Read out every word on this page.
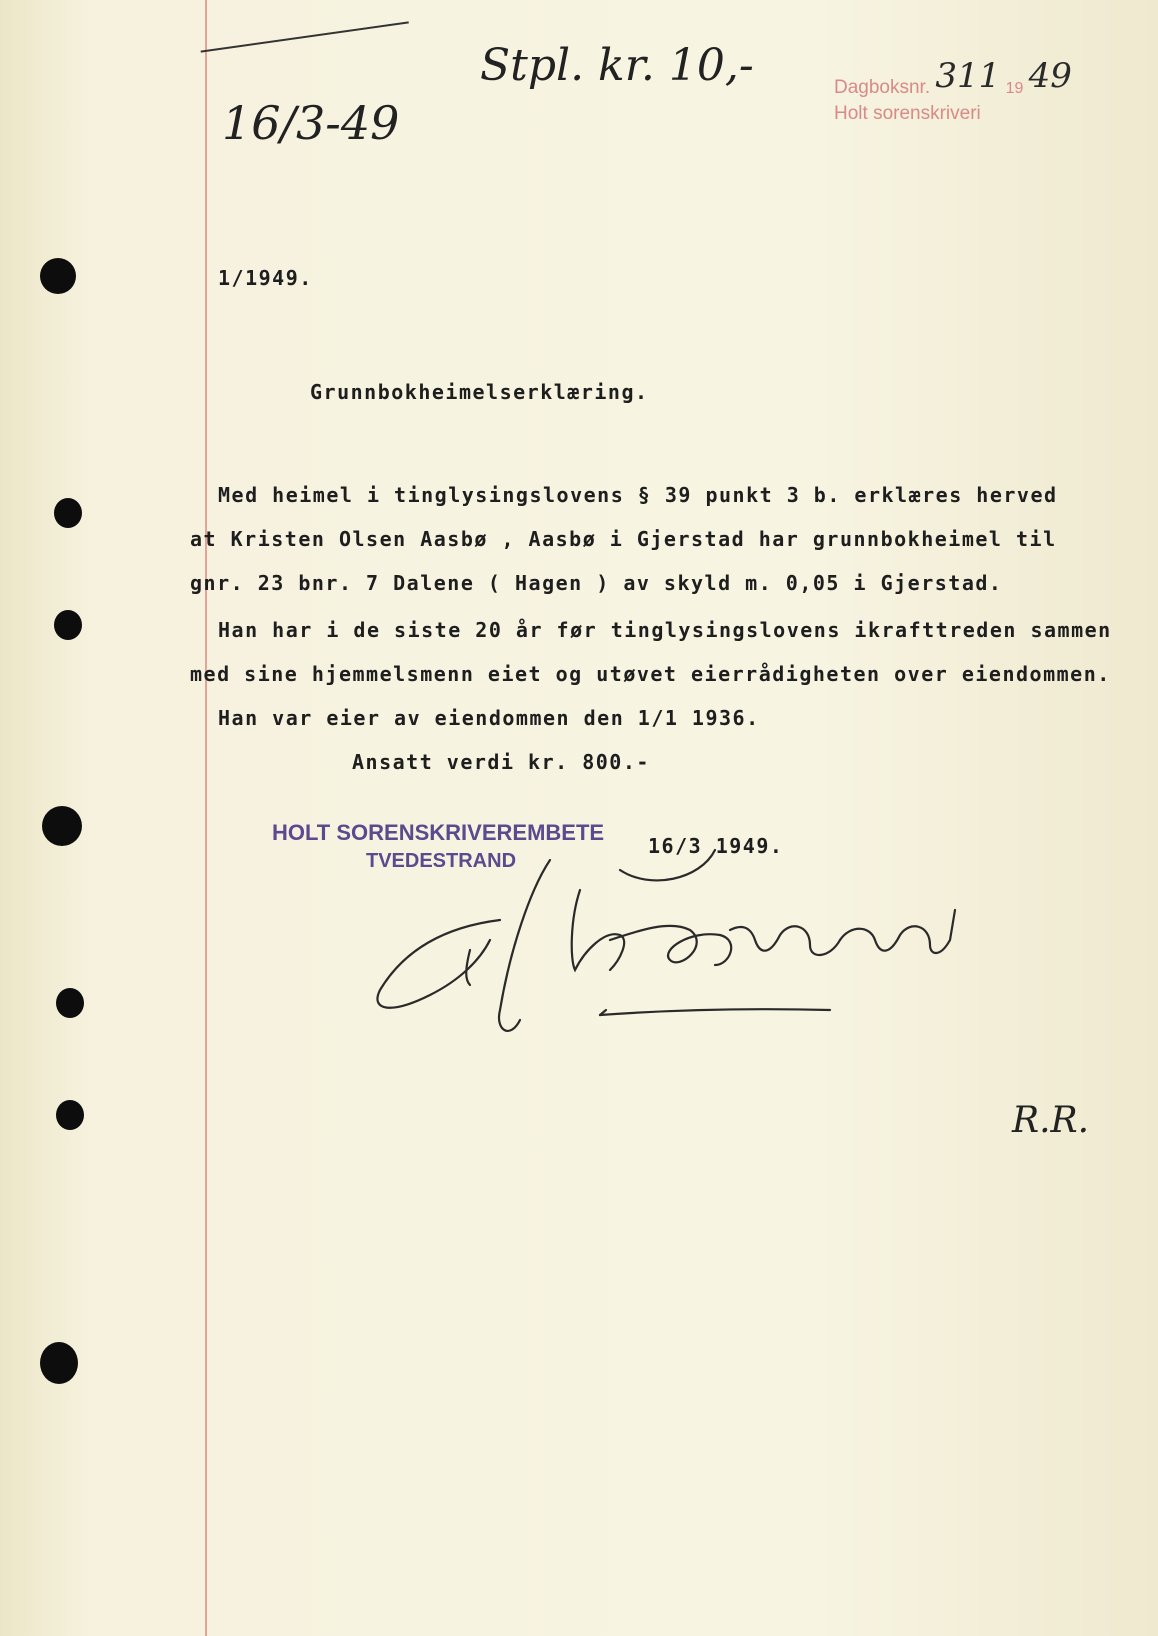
16/3-49
Stpl. kr. 10,-	Dagboksnr. 311 19 49
Holt sorenskriveri
1/1949.
Grunnbokheimelserklæring.
Med heimel i tinglysingslovens § 39 punkt 3 b. erklæres herved
at Kristen Olsen Aasbø , Aasbø i Gjerstad har grunnbokheimel til
gnr. 23 bnr. 7 Dalene ( Hagen ) av skyld m. 0,05 i Gjerstad.
Han har i de siste 20 år før tinglysingslovens ikrafttreden sammen
med sine hjemmelsmenn eiet og utøvet eierrådigheten over eiendommen.
Han var eier av eiendommen den 1/1 1936.
Ansatt verdi kr. 800.-
HOLT SORENSKRIVEREMBETE
TVEDESTRAND
16/3 1949.
R.R.
